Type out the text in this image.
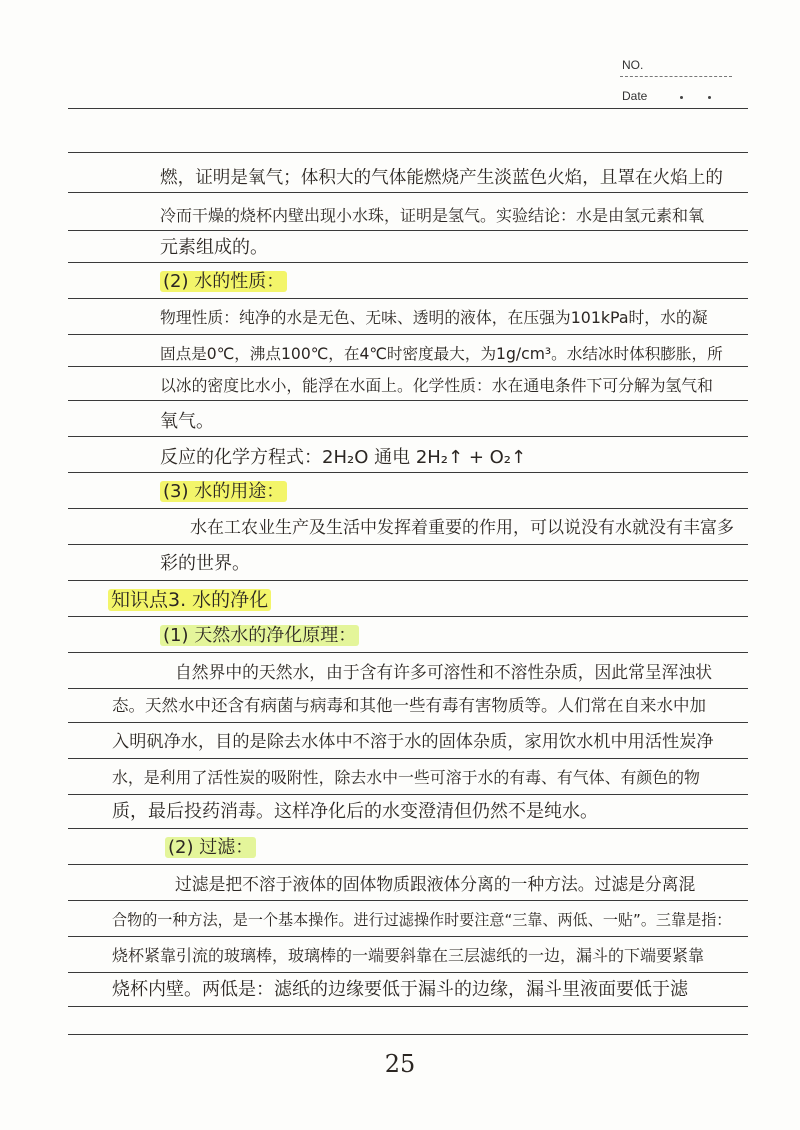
NO.
Date
燃，证明是氧气；体积大的气体能燃烧产生淡蓝色火焰，且罩在火焰上的
冷而干燥的烧杯内壁出现小水珠，证明是氢气。实验结论：水是由氢元素和氧
元素组成的。
(2) 水的性质：
物理性质：纯净的水是无色、无味、透明的液体，在压强为101kPa时，水的凝
固点是0℃，沸点100℃，在4℃时密度最大，为1g/cm³。水结冰时体积膨胀，所
以冰的密度比水小，能浮在水面上。化学性质：水在通电条件下可分解为氢气和
氧气。
反应的化学方程式：2H₂O 通电 2H₂↑ + O₂↑
(3) 水的用途：
水在工农业生产及生活中发挥着重要的作用，可以说没有水就没有丰富多
彩的世界。
知识点3. 水的净化
(1) 天然水的净化原理：
自然界中的天然水，由于含有许多可溶性和不溶性杂质，因此常呈浑浊状
态。天然水中还含有病菌与病毒和其他一些有毒有害物质等。人们常在自来水中加
入明矾净水，目的是除去水体中不溶于水的固体杂质，家用饮水机中用活性炭净
水，是利用了活性炭的吸附性，除去水中一些可溶于水的有毒、有气体、有颜色的物
质，最后投药消毒。这样净化后的水变澄清但仍然不是纯水。
(2) 过滤：
过滤是把不溶于液体的固体物质跟液体分离的一种方法。过滤是分离混
合物的一种方法，是一个基本操作。进行过滤操作时要注意“三靠、两低、一贴”。三靠是指：
烧杯紧靠引流的玻璃棒，玻璃棒的一端要斜靠在三层滤纸的一边，漏斗的下端要紧靠
烧杯内壁。两低是：滤纸的边缘要低于漏斗的边缘，漏斗里液面要低于滤
25
